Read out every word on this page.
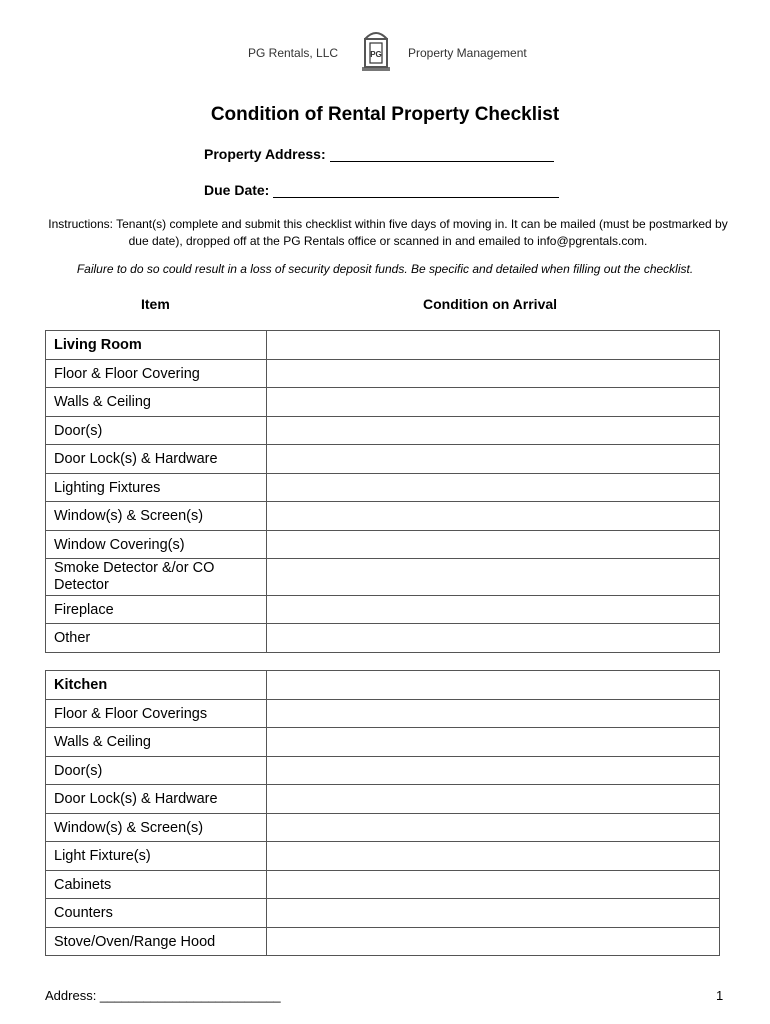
PG Rentals, LLC	PG Property Management
Condition of Rental Property Checklist
Property Address:
Due Date:
Instructions: Tenant(s) complete and submit this checklist within five days of moving in. It can be mailed (must be postmarked by due date), dropped off at the PG Rentals office or scanned in and emailed to info@pgrentals.com.
Failure to do so could result in a loss of security deposit funds. Be specific and detailed when filling out the checklist.
Item	Condition on Arrival
Living Room	
Floor & Floor Covering	
Walls & Ceiling	
Door(s)	
Door Lock(s) & Hardware	
Lighting Fixtures	
Window(s) & Screen(s)	
Window Covering(s)	
Smoke Detector &/or CO Detector	
Fireplace	
Other	
Kitchen	
Floor & Floor Coverings	
Walls & Ceiling	
Door(s)	
Door Lock(s) & Hardware	
Window(s) & Screen(s)	
Light Fixture(s)	
Cabinets	
Counters	
Stove/Oven/Range Hood	
Address: _________________________	1
